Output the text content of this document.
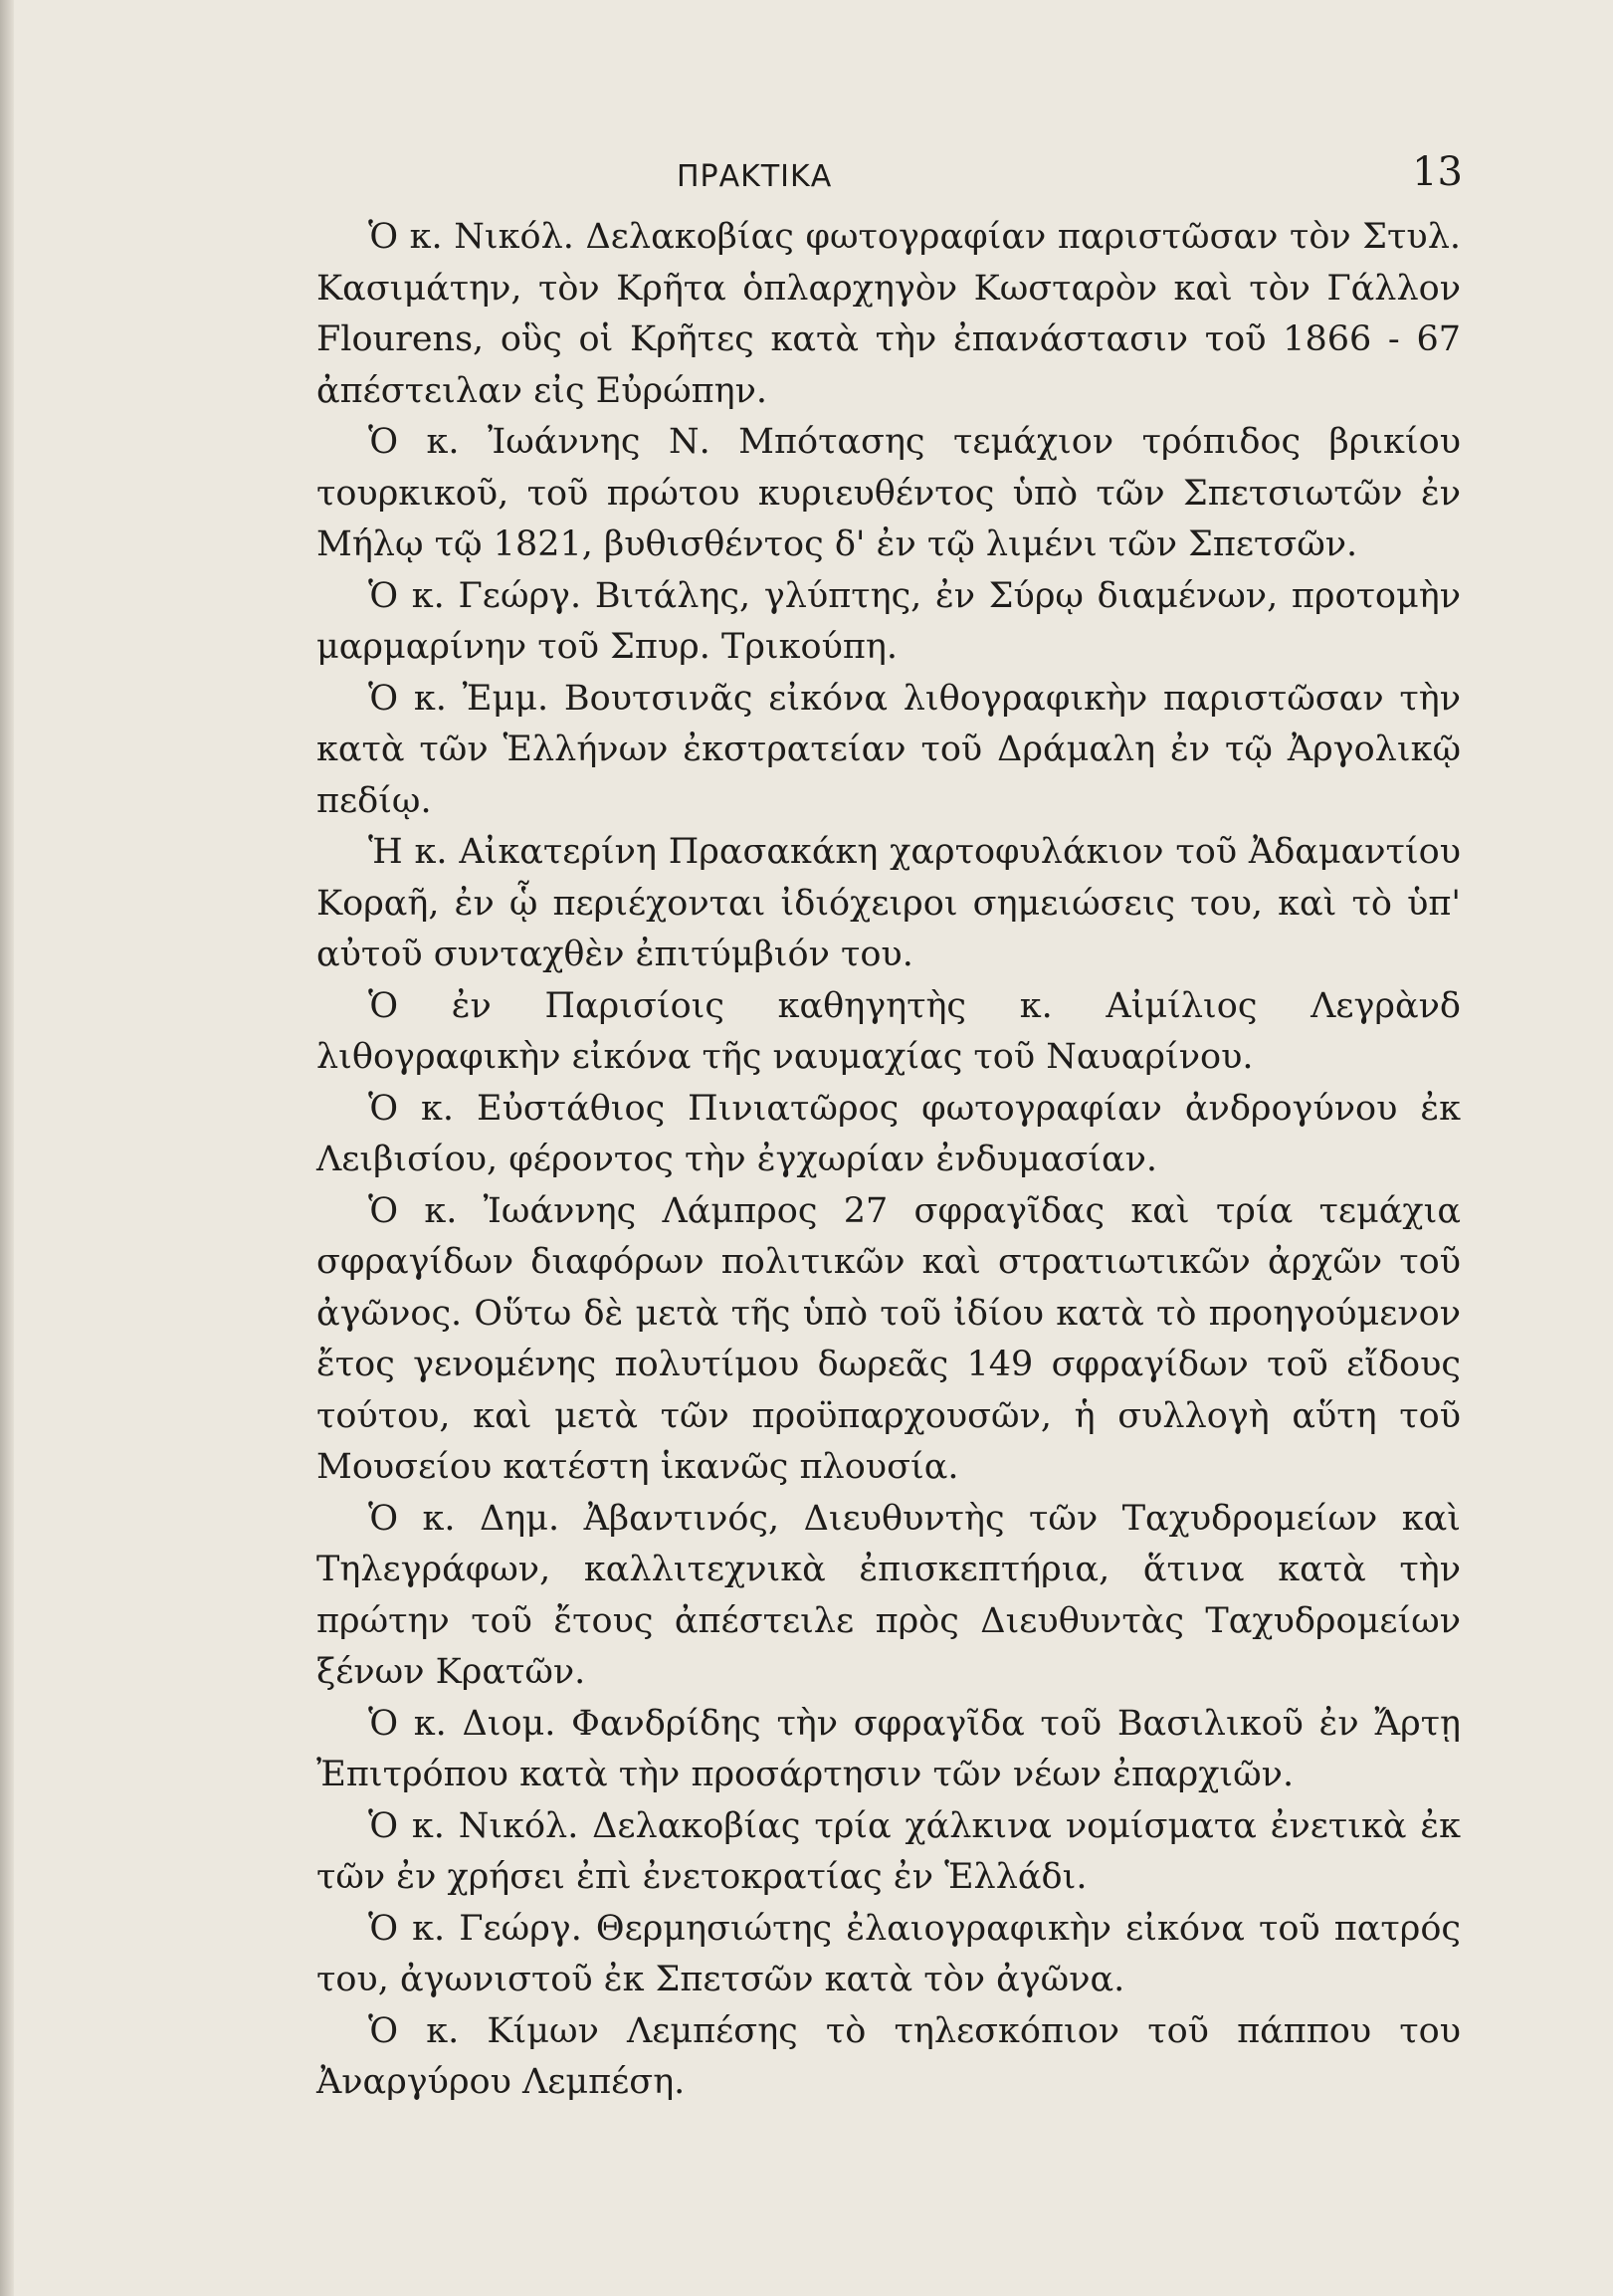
ΠΡΑΚΤΙΚΑ	13

Ὁ κ. Νικόλ. Δελακοβίας φωτογραφίαν παριστῶσαν τὸν Στυλ. Κασιμάτην, τὸν Κρῆτα ὁπλαρχηγὸν Κωσταρὸν καὶ τὸν Γάλλον Flourens, οὓς οἱ Κρῆτες κατὰ τὴν ἐπανάστασιν τοῦ 1866 - 67 ἀπέστειλαν εἰς Εὐρώπην.

Ὁ κ. Ἰωάννης Ν. Μπότασης τεμάχιον τρόπιδος βρικίου τουρκικοῦ, τοῦ πρώτου κυριευθέντος ὑπὸ τῶν Σπετσιωτῶν ἐν Μήλῳ τῷ 1821, βυθισθέντος δ' ἐν τῷ λιμένι τῶν Σπετσῶν.

Ὁ κ. Γεώργ. Βιτάλης, γλύπτης, ἐν Σύρῳ διαμένων, προτομὴν μαρμαρίνην τοῦ Σπυρ. Τρικούπη.

Ὁ κ. Ἐμμ. Βουτσινᾶς εἰκόνα λιθογραφικὴν παριστῶσαν τὴν κατὰ τῶν Ἑλλήνων ἐκστρατείαν τοῦ Δράμαλη ἐν τῷ Ἀργολικῷ πεδίῳ.

Ἡ κ. Αἰκατερίνη Πρασακάκη χαρτοφυλάκιον τοῦ Ἀδαμαντίου Κοραῆ, ἐν ᾧ περιέχονται ἰδιόχειροι σημειώσεις του, καὶ τὸ ὑπ' αὐτοῦ συνταχθὲν ἐπιτύμβιόν του.

Ὁ ἐν Παρισίοις καθηγητὴς κ. Αἰμίλιος Λεγρὰνδ λιθογραφικὴν εἰκόνα τῆς ναυμαχίας τοῦ Ναυαρίνου.

Ὁ κ. Εὐστάθιος Πινιατῶρος φωτογραφίαν ἀνδρογύνου ἐκ Λειβισίου, φέροντος τὴν ἐγχωρίαν ἐνδυμασίαν.

Ὁ κ. Ἰωάννης Λάμπρος 27 σφραγῖδας καὶ τρία τεμάχια σφραγίδων διαφόρων πολιτικῶν καὶ στρατιωτικῶν ἀρχῶν τοῦ ἀγῶνος. Οὕτω δὲ μετὰ τῆς ὑπὸ τοῦ ἰδίου κατὰ τὸ προηγούμενον ἔτος γενομένης πολυτίμου δωρεᾶς 149 σφραγίδων τοῦ εἴδους τούτου, καὶ μετὰ τῶν προϋπαρχουσῶν, ἡ συλλογὴ αὕτη τοῦ Μουσείου κατέστη ἱκανῶς πλουσία.

Ὁ κ. Δημ. Ἀβαντινός, Διευθυντὴς τῶν Ταχυδρομείων καὶ Τηλεγράφων, καλλιτεχνικὰ ἐπισκεπτήρια, ἅτινα κατὰ τὴν πρώτην τοῦ ἔτους ἀπέστειλε πρὸς Διευθυντὰς Ταχυδρομείων ξένων Κρατῶν.

Ὁ κ. Διομ. Φανδρίδης τὴν σφραγῖδα τοῦ Βασιλικοῦ ἐν Ἄρτῃ Ἐπιτρόπου κατὰ τὴν προσάρτησιν τῶν νέων ἐπαρχιῶν.

Ὁ κ. Νικόλ. Δελακοβίας τρία χάλκινα νομίσματα ἐνετικὰ ἐκ τῶν ἐν χρήσει ἐπὶ ἐνετοκρατίας ἐν Ἑλλάδι.

Ὁ κ. Γεώργ. Θερμησιώτης ἐλαιογραφικὴν εἰκόνα τοῦ πατρός του, ἀγωνιστοῦ ἐκ Σπετσῶν κατὰ τὸν ἀγῶνα.

Ὁ κ. Κίμων Λεμπέσης τὸ τηλεσκόπιον τοῦ πάππου του Ἀναργύρου Λεμπέση.
